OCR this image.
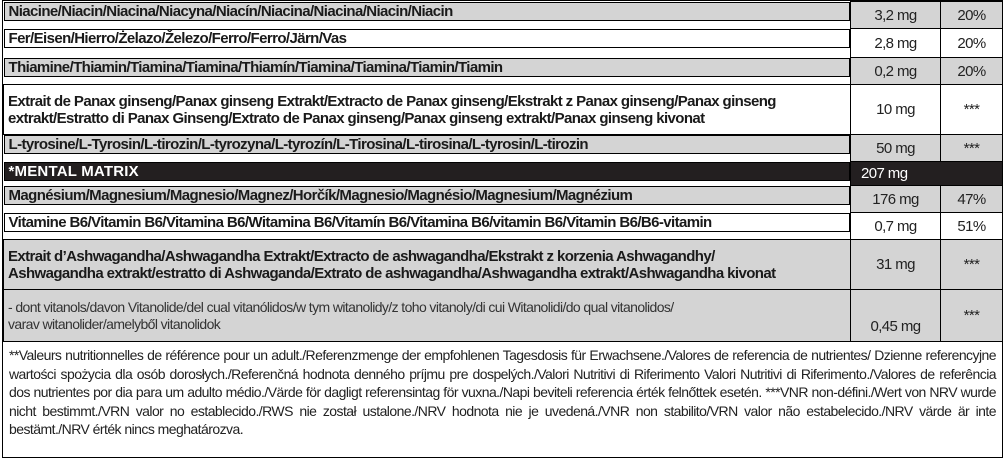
Niacine/Niacin/Niacina/Niacyna/Niacín/Niacina/Niacina/Niacin/Niacin	3,2 mg	20%

Fer/Eisen/Hierro/Żelazo/Železo/Ferro/Ferro/Järn/Vas	2,8 mg	20%

Thiamine/Thiamin/Tiamina/Tiamina/Thiamín/Tiamina/Tiamina/Tiamin/Tiamin	0,2 mg	20%

Extrait de Panax ginseng/Panax ginseng Extrakt/Extracto de Panax ginseng/Ekstrakt z Panax ginseng/Panax ginseng
extrakt/Estratto di Panax Ginseng/Extrato de Panax ginseng/Panax ginseng extrakt/Panax ginseng kivonat	10 mg	***

L-tyrosine/L-Tyrosin/L-tirozin/L-tyrozyna/L-tyrozín/L-Tirosina/L-tirosina/L-tyrosin/L-tirozin	50 mg	***

*MENTAL MATRIX	207 mg	

Magnésium/Magnesium/Magnesio/Magnez/Horčík/Magnesio/Magnésio/Magnesium/Magnézium	176 mg	47%

Vitamine B6/Vitamin B6/Vitamina B6/Witamina B6/Vitamín B6/Vitamina B6/vitamin B6/Vitamin B6/B6-vitamin	0,7 mg	51%

Extrait d’Ashwagandha/Ashwagandha Extrakt/Extracto de ashwagandha/Ekstrakt z korzenia Ashwagandhy/
Ashwagandha extrakt/estratto di Ashwaganda/Extrato de ashwagandha/Ashwagandha extrakt/Ashwagandha kivonat	31 mg	***

- dont vitanols/davon Vitanolide/del cual vitanólidos/w tym witanolidy/z toho vitanoly/di cui Witanolidi/do qual vitanolidos/
varav witanolider/amelyből vitanolidok	0,45 mg	***
**Valeurs nutritionnelles de référence pour un adult./Referenzmenge der empfohlenen Tagesdosis für Erwachsene./Valores de referencia de nutrientes/ Dzienne referencyjne wartości spożycia dla osób dorosłych./Referenčná hodnota denného príjmu pre dospelých./Valori Nutritivi di Riferimento Valori Nutritivi di Riferimento./Valores de referência dos nutrientes por dia para um adulto médio./Värde för dagligt referensintag för vuxna./Napi beviteli referencia érték felnőttek esetén. ***VNR non-défini./Wert von NRV wurde nicht bestimmt./VRN valor no establecido./RWS nie został ustalone./NRV hodnota nie je uvedená./VNR non stabilito/VRN valor não estabelecido./NRV värde är inte bestämt./NRV érték nincs meghatározva.
